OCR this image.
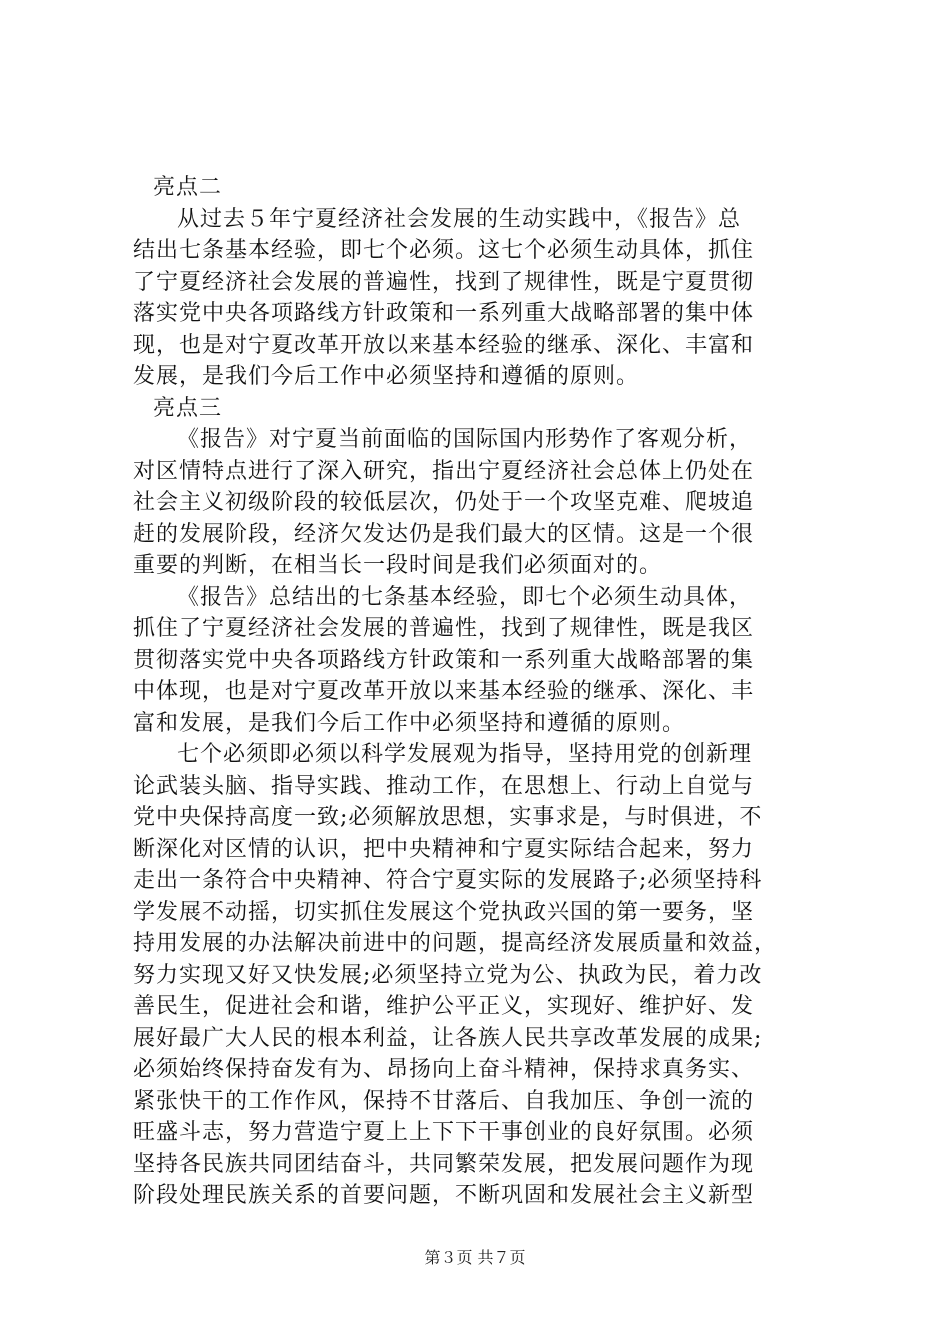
亮点二
从过去５年宁夏经济社会发展的生动实践中，《报告》总
结出七条基本经验，即七个必须。这七个必须生动具体，抓住
了宁夏经济社会发展的普遍性，找到了规律性，既是宁夏贯彻
落实党中央各项路线方针政策和一系列重大战略部署的集中体
现，也是对宁夏改革开放以来基本经验的继承、深化、丰富和
发展，是我们今后工作中必须坚持和遵循的原则。
亮点三
《报告》对宁夏当前面临的国际国内形势作了客观分析，
对区情特点进行了深入研究，指出宁夏经济社会总体上仍处在
社会主义初级阶段的较低层次，仍处于一个攻坚克难、爬坡追
赶的发展阶段，经济欠发达仍是我们最大的区情。这是一个很
重要的判断，在相当长一段时间是我们必须面对的。
《报告》总结出的七条基本经验，即七个必须生动具体，
抓住了宁夏经济社会发展的普遍性，找到了规律性，既是我区
贯彻落实党中央各项路线方针政策和一系列重大战略部署的集
中体现，也是对宁夏改革开放以来基本经验的继承、深化、丰
富和发展，是我们今后工作中必须坚持和遵循的原则。
七个必须即必须以科学发展观为指导，坚持用党的创新理
论武装头脑、指导实践、推动工作，在思想上、行动上自觉与
党中央保持高度一致;必须解放思想，实事求是，与时俱进，不
断深化对区情的认识，把中央精神和宁夏实际结合起来，努力
走出一条符合中央精神、符合宁夏实际的发展路子;必须坚持科
学发展不动摇，切实抓住发展这个党执政兴国的第一要务，坚
持用发展的办法解决前进中的问题，提高经济发展质量和效益，
努力实现又好又快发展;必须坚持立党为公、执政为民，着力改
善民生，促进社会和谐，维护公平正义，实现好、维护好、发
展好最广大人民的根本利益，让各族人民共享改革发展的成果;
必须始终保持奋发有为、昂扬向上奋斗精神，保持求真务实、
紧张快干的工作作风，保持不甘落后、自我加压、争创一流的
旺盛斗志，努力营造宁夏上上下下干事创业的良好氛围。必须
坚持各民族共同团结奋斗，共同繁荣发展，把发展问题作为现
阶段处理民族关系的首要问题，不断巩固和发展社会主义新型
第３页 共７页
